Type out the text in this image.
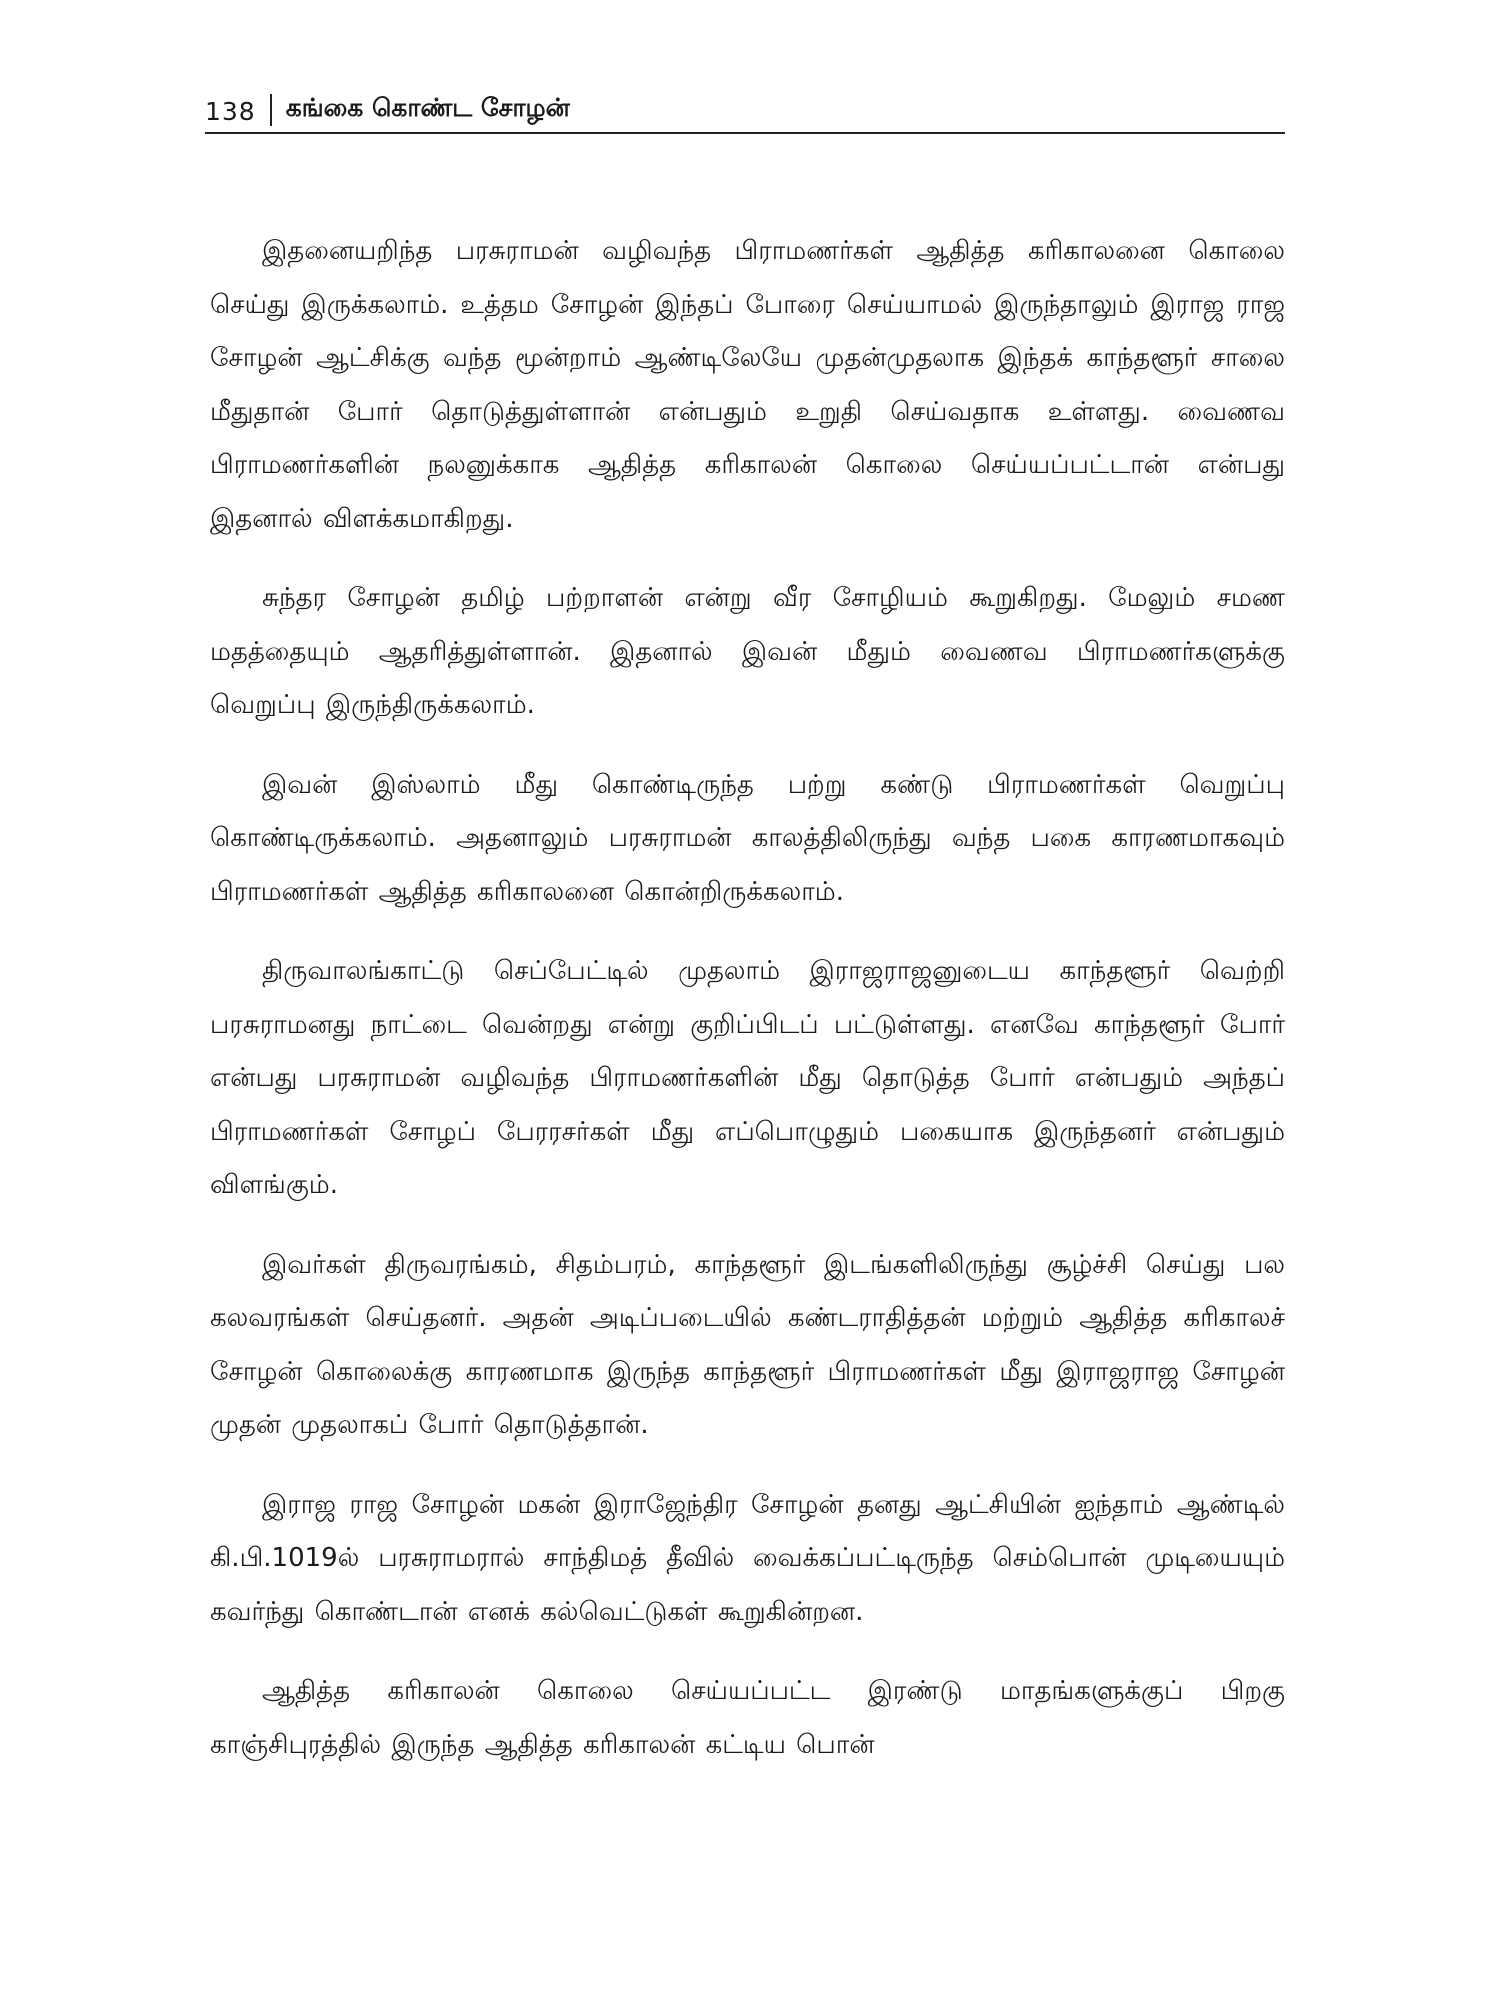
138 கங்கை கொண்ட சோழன்

இதனையறிந்த பரசுராமன் வழிவந்த பிராமணர்கள் ஆதித்த கரிகாலனை கொலை செய்து இருக்கலாம். உத்தம சோழன் இந்தப் போரை செய்யாமல் இருந்தாலும் இராஜ ராஜ சோழன் ஆட்சிக்கு வந்த மூன்றாம் ஆண்டிலேயே முதன்முதலாக இந்தக் காந்தளூர் சாலை மீதுதான் போர் தொடுத்துள்ளான் என்பதும் உறுதி செய்வதாக உள்ளது. வைணவ பிராமணர்களின் நலனுக்காக ஆதித்த கரிகாலன் கொலை செய்யப்பட்டான் என்பது இதனால் விளக்கமாகிறது.

சுந்தர சோழன் தமிழ் பற்றாளன் என்று வீர சோழியம் கூறுகிறது. மேலும் சமண மதத்தையும் ஆதரித்துள்ளான். இதனால் இவன் மீதும் வைணவ பிராமணர்களுக்கு வெறுப்பு இருந்திருக்கலாம்.

இவன் இஸ்லாம் மீது கொண்டிருந்த பற்று கண்டு பிராமணர்கள் வெறுப்பு கொண்டிருக்கலாம். அதனாலும் பரசுராமன் காலத்திலிருந்து வந்த பகை காரணமாகவும் பிராமணர்கள் ஆதித்த கரிகாலனை கொன்றிருக்கலாம்.

திருவாலங்காட்டு செப்பேட்டில் முதலாம் இராஜராஜனுடைய காந்தளூர் வெற்றி பரசுராமனது நாட்டை வென்றது என்று குறிப்பிடப் பட்டுள்ளது. எனவே காந்தளூர் போர் என்பது பரசுராமன் வழிவந்த பிராமணர்களின் மீது தொடுத்த போர் என்பதும் அந்தப் பிராமணர்கள் சோழப் பேரரசர்கள் மீது எப்பொழுதும் பகையாக இருந்தனர் என்பதும் விளங்கும்.

இவர்கள் திருவரங்கம், சிதம்பரம், காந்தளூர் இடங்களிலிருந்து சூழ்ச்சி செய்து பல கலவரங்கள் செய்தனர். அதன் அடிப்படையில் கண்டராதித்தன் மற்றும் ஆதித்த கரிகாலச் சோழன் கொலைக்கு காரணமாக இருந்த காந்தளூர் பிராமணர்கள் மீது இராஜராஜ சோழன் முதன் முதலாகப் போர் தொடுத்தான்.

இராஜ ராஜ சோழன் மகன் இராஜேந்திர சோழன் தனது ஆட்சியின் ஐந்தாம் ஆண்டில் கி.பி.1019ல் பரசுராமரால் சாந்திமத் தீவில் வைக்கப்பட்டிருந்த செம்பொன் முடியையும் கவர்ந்து கொண்டான் எனக் கல்வெட்டுகள் கூறுகின்றன.

ஆதித்த கரிகாலன் கொலை செய்யப்பட்ட இரண்டு மாதங்களுக்குப் பிறகு காஞ்சிபுரத்தில் இருந்த ஆதித்த கரிகாலன் கட்டிய பொன்
